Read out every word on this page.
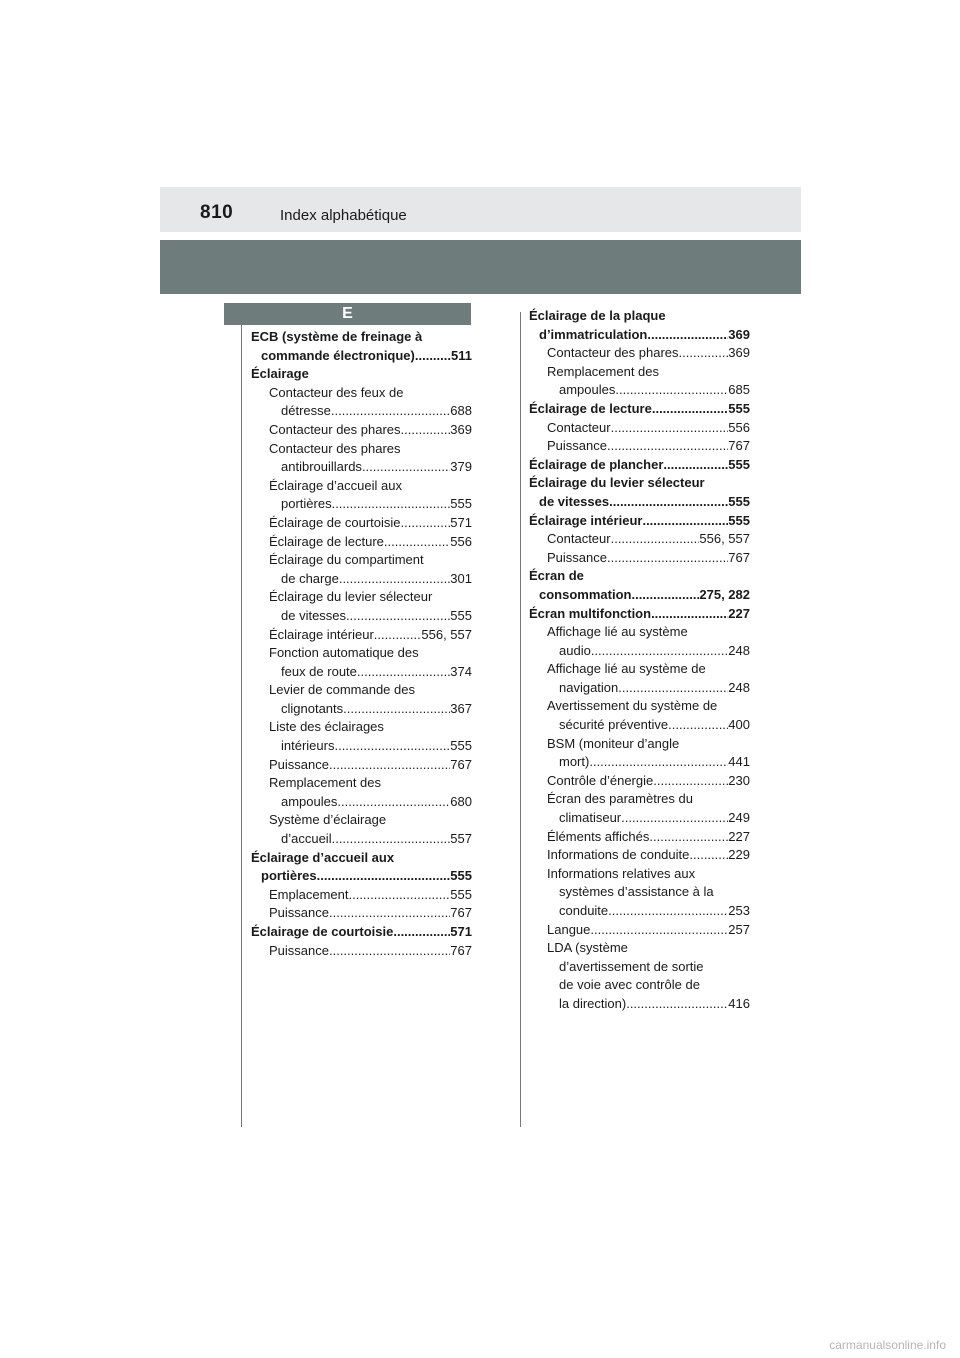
810	Index alphabétique
E
ECB (système de freinage à
commande électronique) .....	511
Éclairage
Contacteur des feux de
détresse .....	688
Contacteur des phares .....	369
Contacteur des phares
antibrouillards .....	379
Éclairage d’accueil aux
portières .....	555
Éclairage de courtoisie .....	571
Éclairage de lecture .....	556
Éclairage du compartiment
de charge .....	301
Éclairage du levier sélecteur
de vitesses .....	555
Éclairage intérieur .....	556, 557
Fonction automatique des
feux de route .....	374
Levier de commande des
clignotants .....	367
Liste des éclairages
intérieurs .....	555
Puissance .....	767
Remplacement des
ampoules .....	680
Système d’éclairage
d’accueil .....	557
Éclairage d’accueil aux
portières .....	555
Emplacement .....	555
Puissance .....	767
Éclairage de courtoisie .....	571
Puissance .....	767
Éclairage de la plaque
d’immatriculation .....	369
Contacteur des phares .....	369
Remplacement des
ampoules .....	685
Éclairage de lecture .....	555
Contacteur .....	556
Puissance .....	767
Éclairage de plancher .....	555
Éclairage du levier sélecteur
de vitesses .....	555
Éclairage intérieur .....	555
Contacteur .....	556, 557
Puissance .....	767
Écran de
consommation .....	275, 282
Écran multifonction .....	227
Affichage lié au système
audio .....	248
Affichage lié au système de
navigation .....	248
Avertissement du système de
sécurité préventive .....	400
BSM (moniteur d’angle
mort) .....	441
Contrôle d’énergie .....	230
Écran des paramètres du
climatiseur .....	249
Éléments affichés .....	227
Informations de conduite .....	229
Informations relatives aux
systèmes d’assistance à la
conduite .....	253
Langue .....	257
LDA (système
d’avertissement de sortie
de voie avec contrôle de
la direction) .....	416
carmanualsonline.info
